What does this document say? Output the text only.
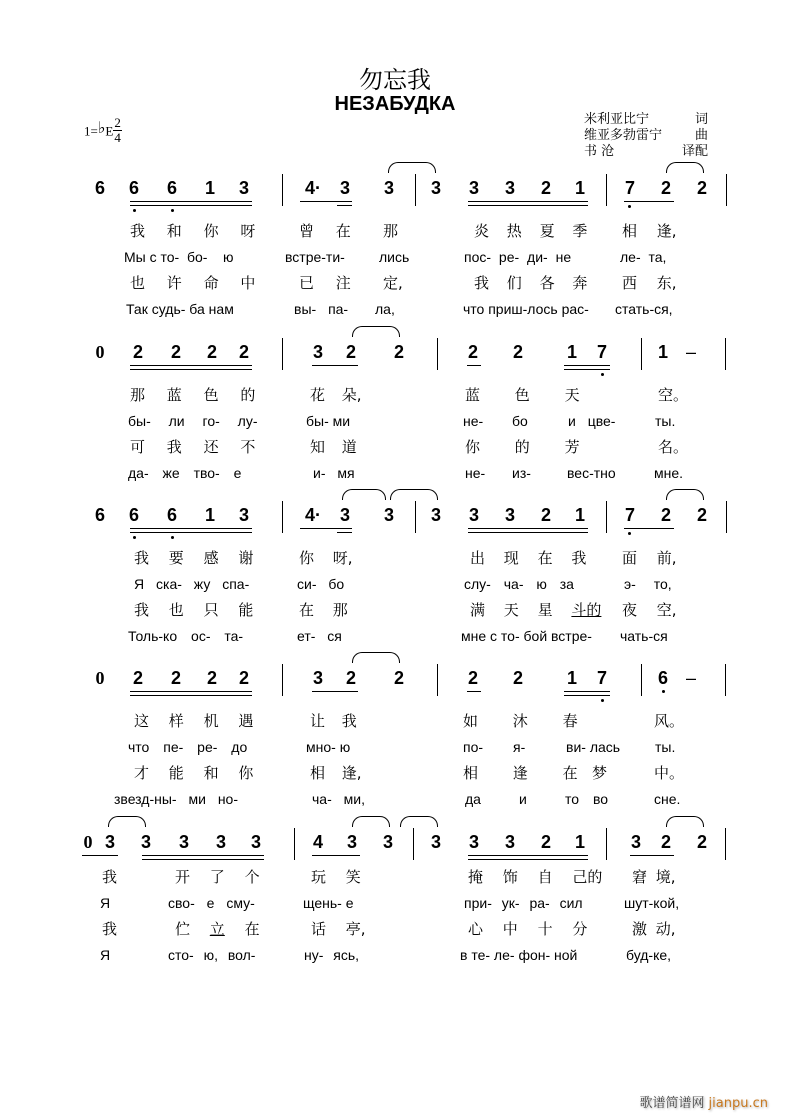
勿忘我
НЕЗАБУДКА
1=♭E $\frac{2}{4}$	米利亚比宁	词
维亚多勃雷宁	曲
书 沧	译配
6 6 6 1 3	4· 3 3 3 3 3 2 1 7 2 2
我 和 你 呀	曾 在 那	炎 热 夏 季 相 逢,
Мы с то- бо- ю	встре-ти- лись	пос- ре- ди- не	ле- та,
也 许 命 中	已 注 定,	我 们 各 奔 西 东,
Так судь- ба нам	вы- па- ла,	что приш-лось рас- стать-ся,
0 2 2 2 2	3 2 2	2 2 1 7	1 –
那 蓝 色 的	花 朵,	蓝 色 天	空。
бы- ли го- лу-	бы- ми	не- бо	и цве-	ты.
可 我 还 不	知 道	你 的 芳	名。
да- же тво- е	и- мя	не- из-	вес-тно	мне.
6 6 6 1 3	4· 3 3 3 3 3 2 1 7 2 2
我 要 感 谢	你 呀,	出 现 在 我 面 前,
Я ска- жу спа-	си- бо	слу- ча- ю за	э- то,
我 也 只 能	在 那	满 天 星 斗的 夜 空,
Толь-ко ос- та-	ет- ся	мне с то- бой встре- чать-ся
0 2 2 2 2	3 2 2	2 2 1 7	6 –
这 样 机 遇	让 我	如 沐 春	风。
что пе- ре- до	мно- ю	по- я-	ви- лась ты.
才 能 和 你	相 逢,	相 逢 在 梦	中。
звезд-ны- ми но-	ча- ми,	да	и	то во	сне.
0 3 3 3 3 3	4 3 3 3 3 3 2 1	3 2 2
我	开 了 个	玩 笑	掩 饰 自 己的 窘 境,
Я	сво- е сму-	щень- е	при- ук- ра- сил	шут-кой,
我	伫 立 在	话 亭,	心 中 十 分	激 动,
Я	сто- ю, вол-	ну- ясь,	в те- ле- фон- ной	буд-ке,
歌谱简谱网 jianpu.cn
